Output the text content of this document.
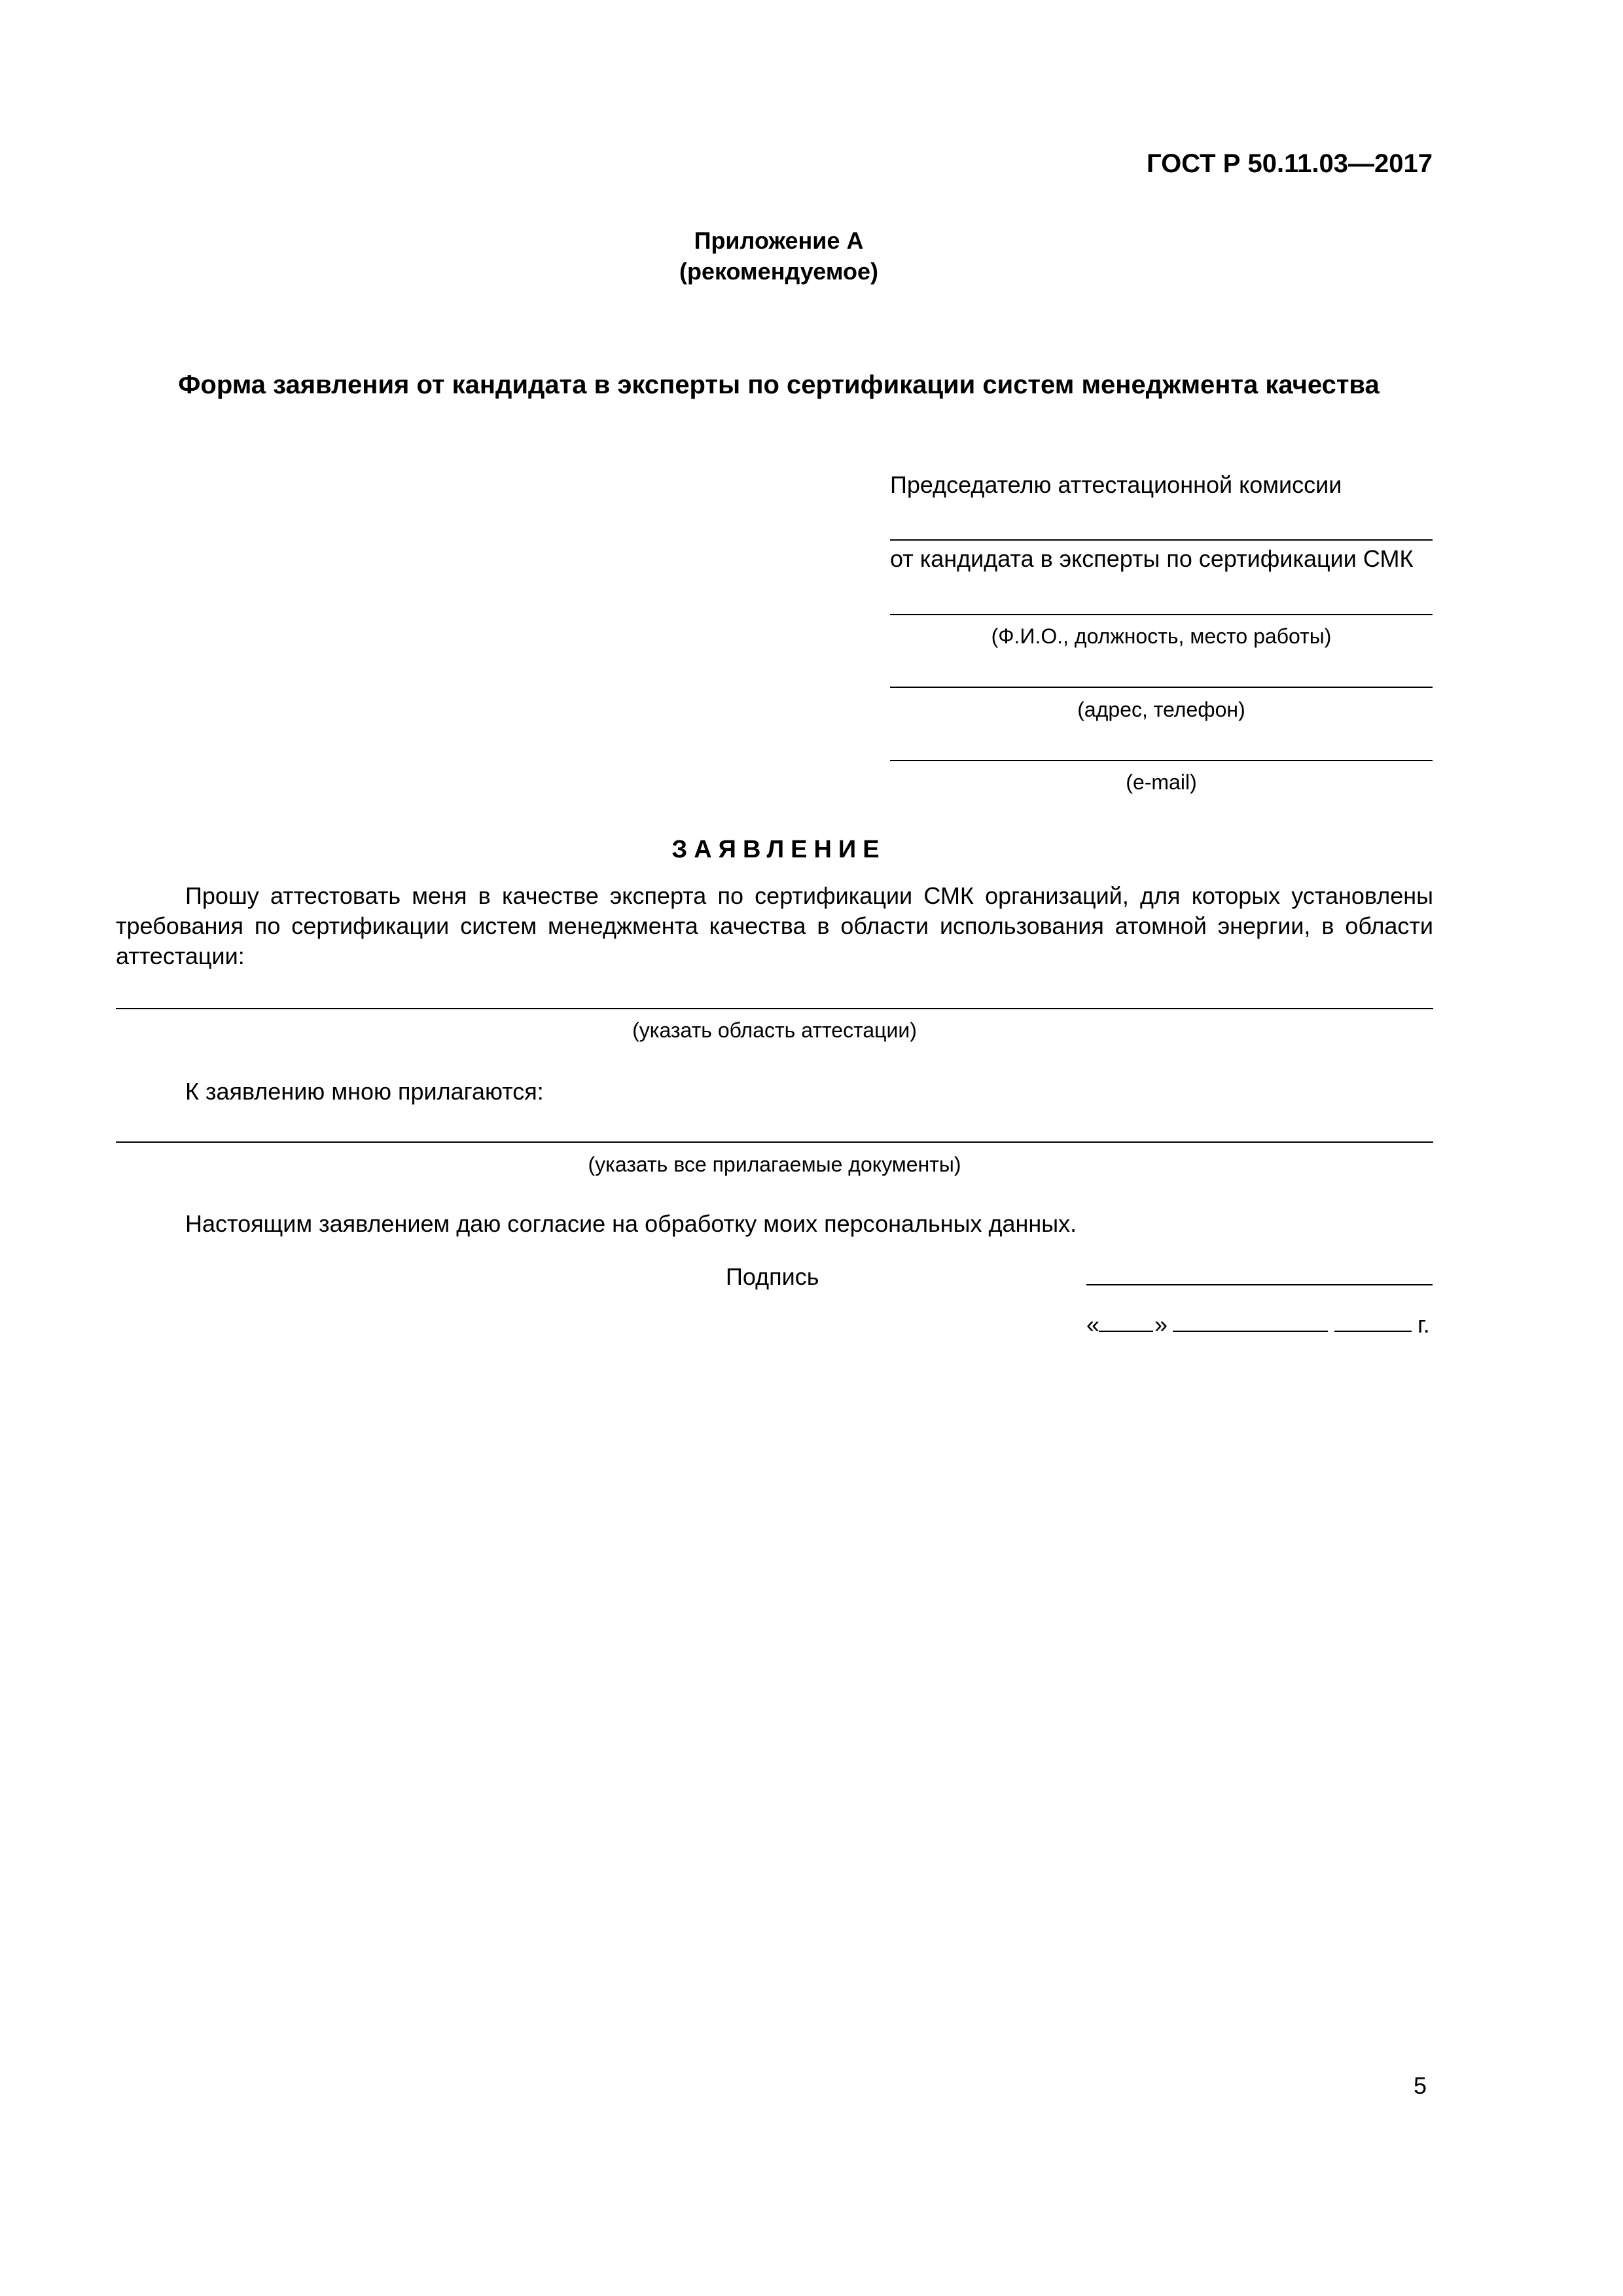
ГОСТ Р 50.11.03—2017
Приложение А
(рекомендуемое)
Форма заявления от кандидата в эксперты по сертификации систем менеджмента качества
Председателю аттестационной комиссии
от кандидата в эксперты по сертификации СМК
(Ф.И.О., должность, место работы)
(адрес, телефон)
(e-mail)
ЗАЯВЛЕНИЕ
Прошу аттестовать меня в качестве эксперта по сертификации СМК организаций, для которых установлены требования по сертификации систем менеджмента качества в области использования атомной энергии, в области аттестации:
(указать область аттестации)
К заявлению мною прилагаются:
(указать все прилагаемые документы)
Настоящим заявлением даю согласие на обработку моих персональных данных.
Подпись
« »	г.
5
